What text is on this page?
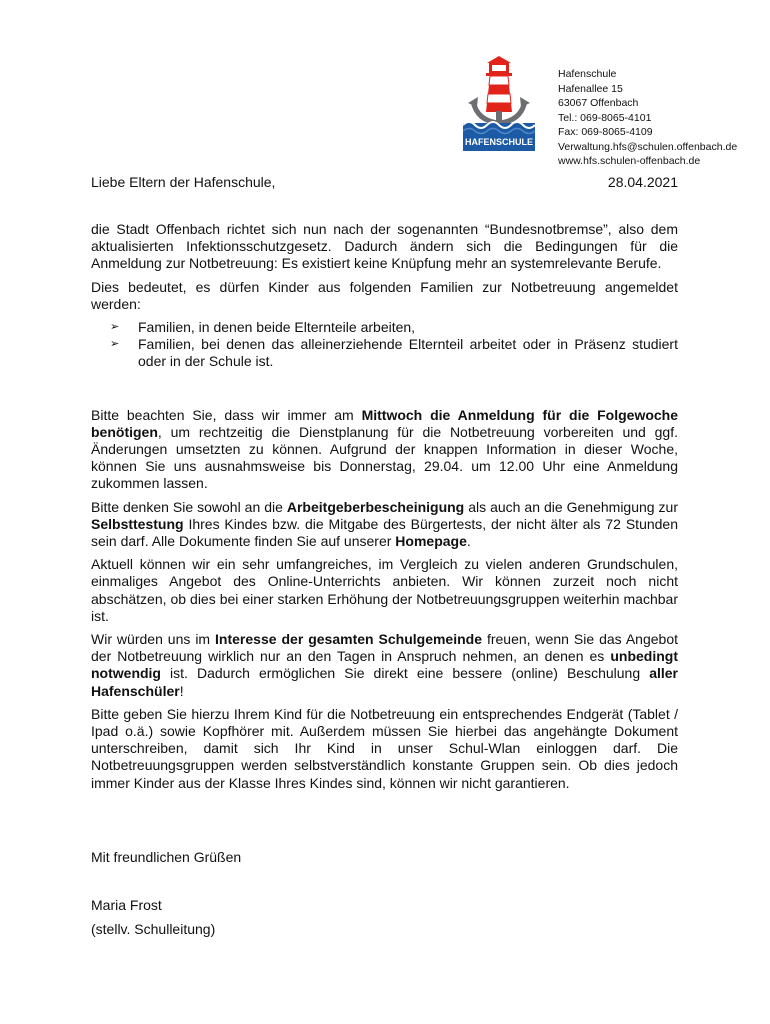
HAFENSCHULE
Hafenschule
Hafenallee 15
63067 Offenbach
Tel.: 069-8065-4101
Fax: 069-8065-4109
Verwaltung.hfs@schulen.offenbach.de
www.hfs.schulen-offenbach.de
Liebe Eltern der Hafenschule,	28.04.2021

die Stadt Offenbach richtet sich nun nach der sogenannten “Bundesnotbremse”, also dem aktualisierten Infektionsschutzgesetz. Dadurch ändern sich die Bedingungen für die Anmeldung zur Notbetreuung: Es existiert keine Knüpfung mehr an systemrelevante Berufe.

Dies bedeutet, es dürfen Kinder aus folgenden Familien zur Notbetreuung angemeldet werden:

➢ Familien, in denen beide Elternteile arbeiten,
➢ Familien, bei denen das alleinerziehende Elternteil arbeitet oder in Präsenz studiert oder in der Schule ist.

Bitte beachten Sie, dass wir immer am Mittwoch die Anmeldung für die Folgewoche benötigen, um rechtzeitig die Dienstplanung für die Notbetreuung vorbereiten und ggf. Änderungen umsetzten zu können. Aufgrund der knappen Information in dieser Woche, können Sie uns ausnahmsweise bis Donnerstag, 29.04. um 12.00 Uhr eine Anmeldung zukommen lassen.

Bitte denken Sie sowohl an die Arbeitgeberbescheinigung als auch an die Genehmigung zur Selbsttestung Ihres Kindes bzw. die Mitgabe des Bürgertests, der nicht älter als 72 Stunden sein darf. Alle Dokumente finden Sie auf unserer Homepage.

Aktuell können wir ein sehr umfangreiches, im Vergleich zu vielen anderen Grundschulen, einmaliges Angebot des Online-Unterrichts anbieten. Wir können zurzeit noch nicht abschätzen, ob dies bei einer starken Erhöhung der Notbetreuungsgruppen weiterhin machbar ist.

Wir würden uns im Interesse der gesamten Schulgemeinde freuen, wenn Sie das Angebot der Notbetreuung wirklich nur an den Tagen in Anspruch nehmen, an denen es unbedingt notwendig ist. Dadurch ermöglichen Sie direkt eine bessere (online) Beschulung aller Hafenschüler!

Bitte geben Sie hierzu Ihrem Kind für die Notbetreuung ein entsprechendes Endgerät (Tablet / Ipad o.ä.) sowie Kopfhörer mit. Außerdem müssen Sie hierbei das angehängte Dokument unterschreiben, damit sich Ihr Kind in unser Schul-Wlan einloggen darf. Die Notbetreuungsgruppen werden selbstverständlich konstante Gruppen sein. Ob dies jedoch immer Kinder aus der Klasse Ihres Kindes sind, können wir nicht garantieren.

Mit freundlichen Grüßen
Maria Frost
(stellv. Schulleitung)
